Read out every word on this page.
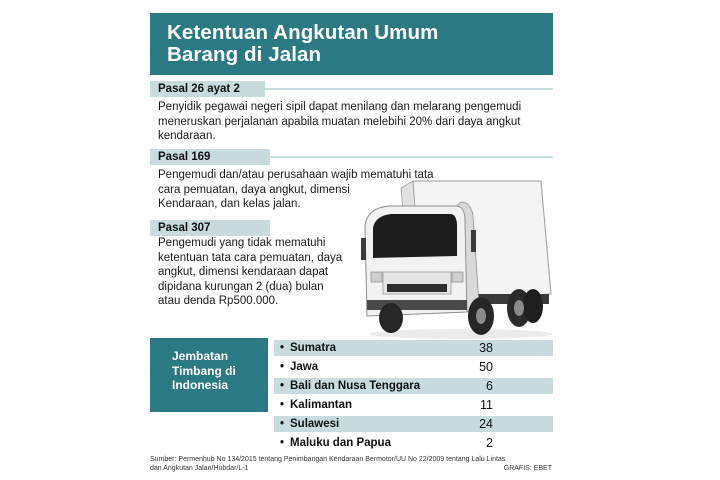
Ketentuan Angkutan Umum
Barang di Jalan
Pasal 26 ayat 2
Penyidik pegawai negeri sipil dapat menilang dan melarang pengemudi
meneruskan perjalanan apabila muatan melebihi 20% dari daya angkut
kendaraan.
Pasal 169
Pengemudi dan/atau perusahaan wajib mematuhi tata
cara pemuatan, daya angkut, dimensi
Kendaraan, dan kelas jalan.
Pasal 307
Pengemudi yang tidak mematuhi
ketentuan tata cara pemuatan, daya
angkut, dimensi kendaraan dapat
dipidana kurungan 2 (dua) bulan
atau denda Rp500.000.
Jembatan
Timbang di
Indonesia
• Sumatra	38
• Jawa	50
• Bali dan Nusa Tenggara	6
• Kalimantan	11
• Sulawesi	24
• Maluku dan Papua	2
Sumber: Permenhub No 134/2015 tentang Penimbangan Kendaraan Bermotor/UU No 22/2009 tentang Lalu Lintas
dan Angkutan Jalan/Hubdar/L-1	GRAFIS: EBET
